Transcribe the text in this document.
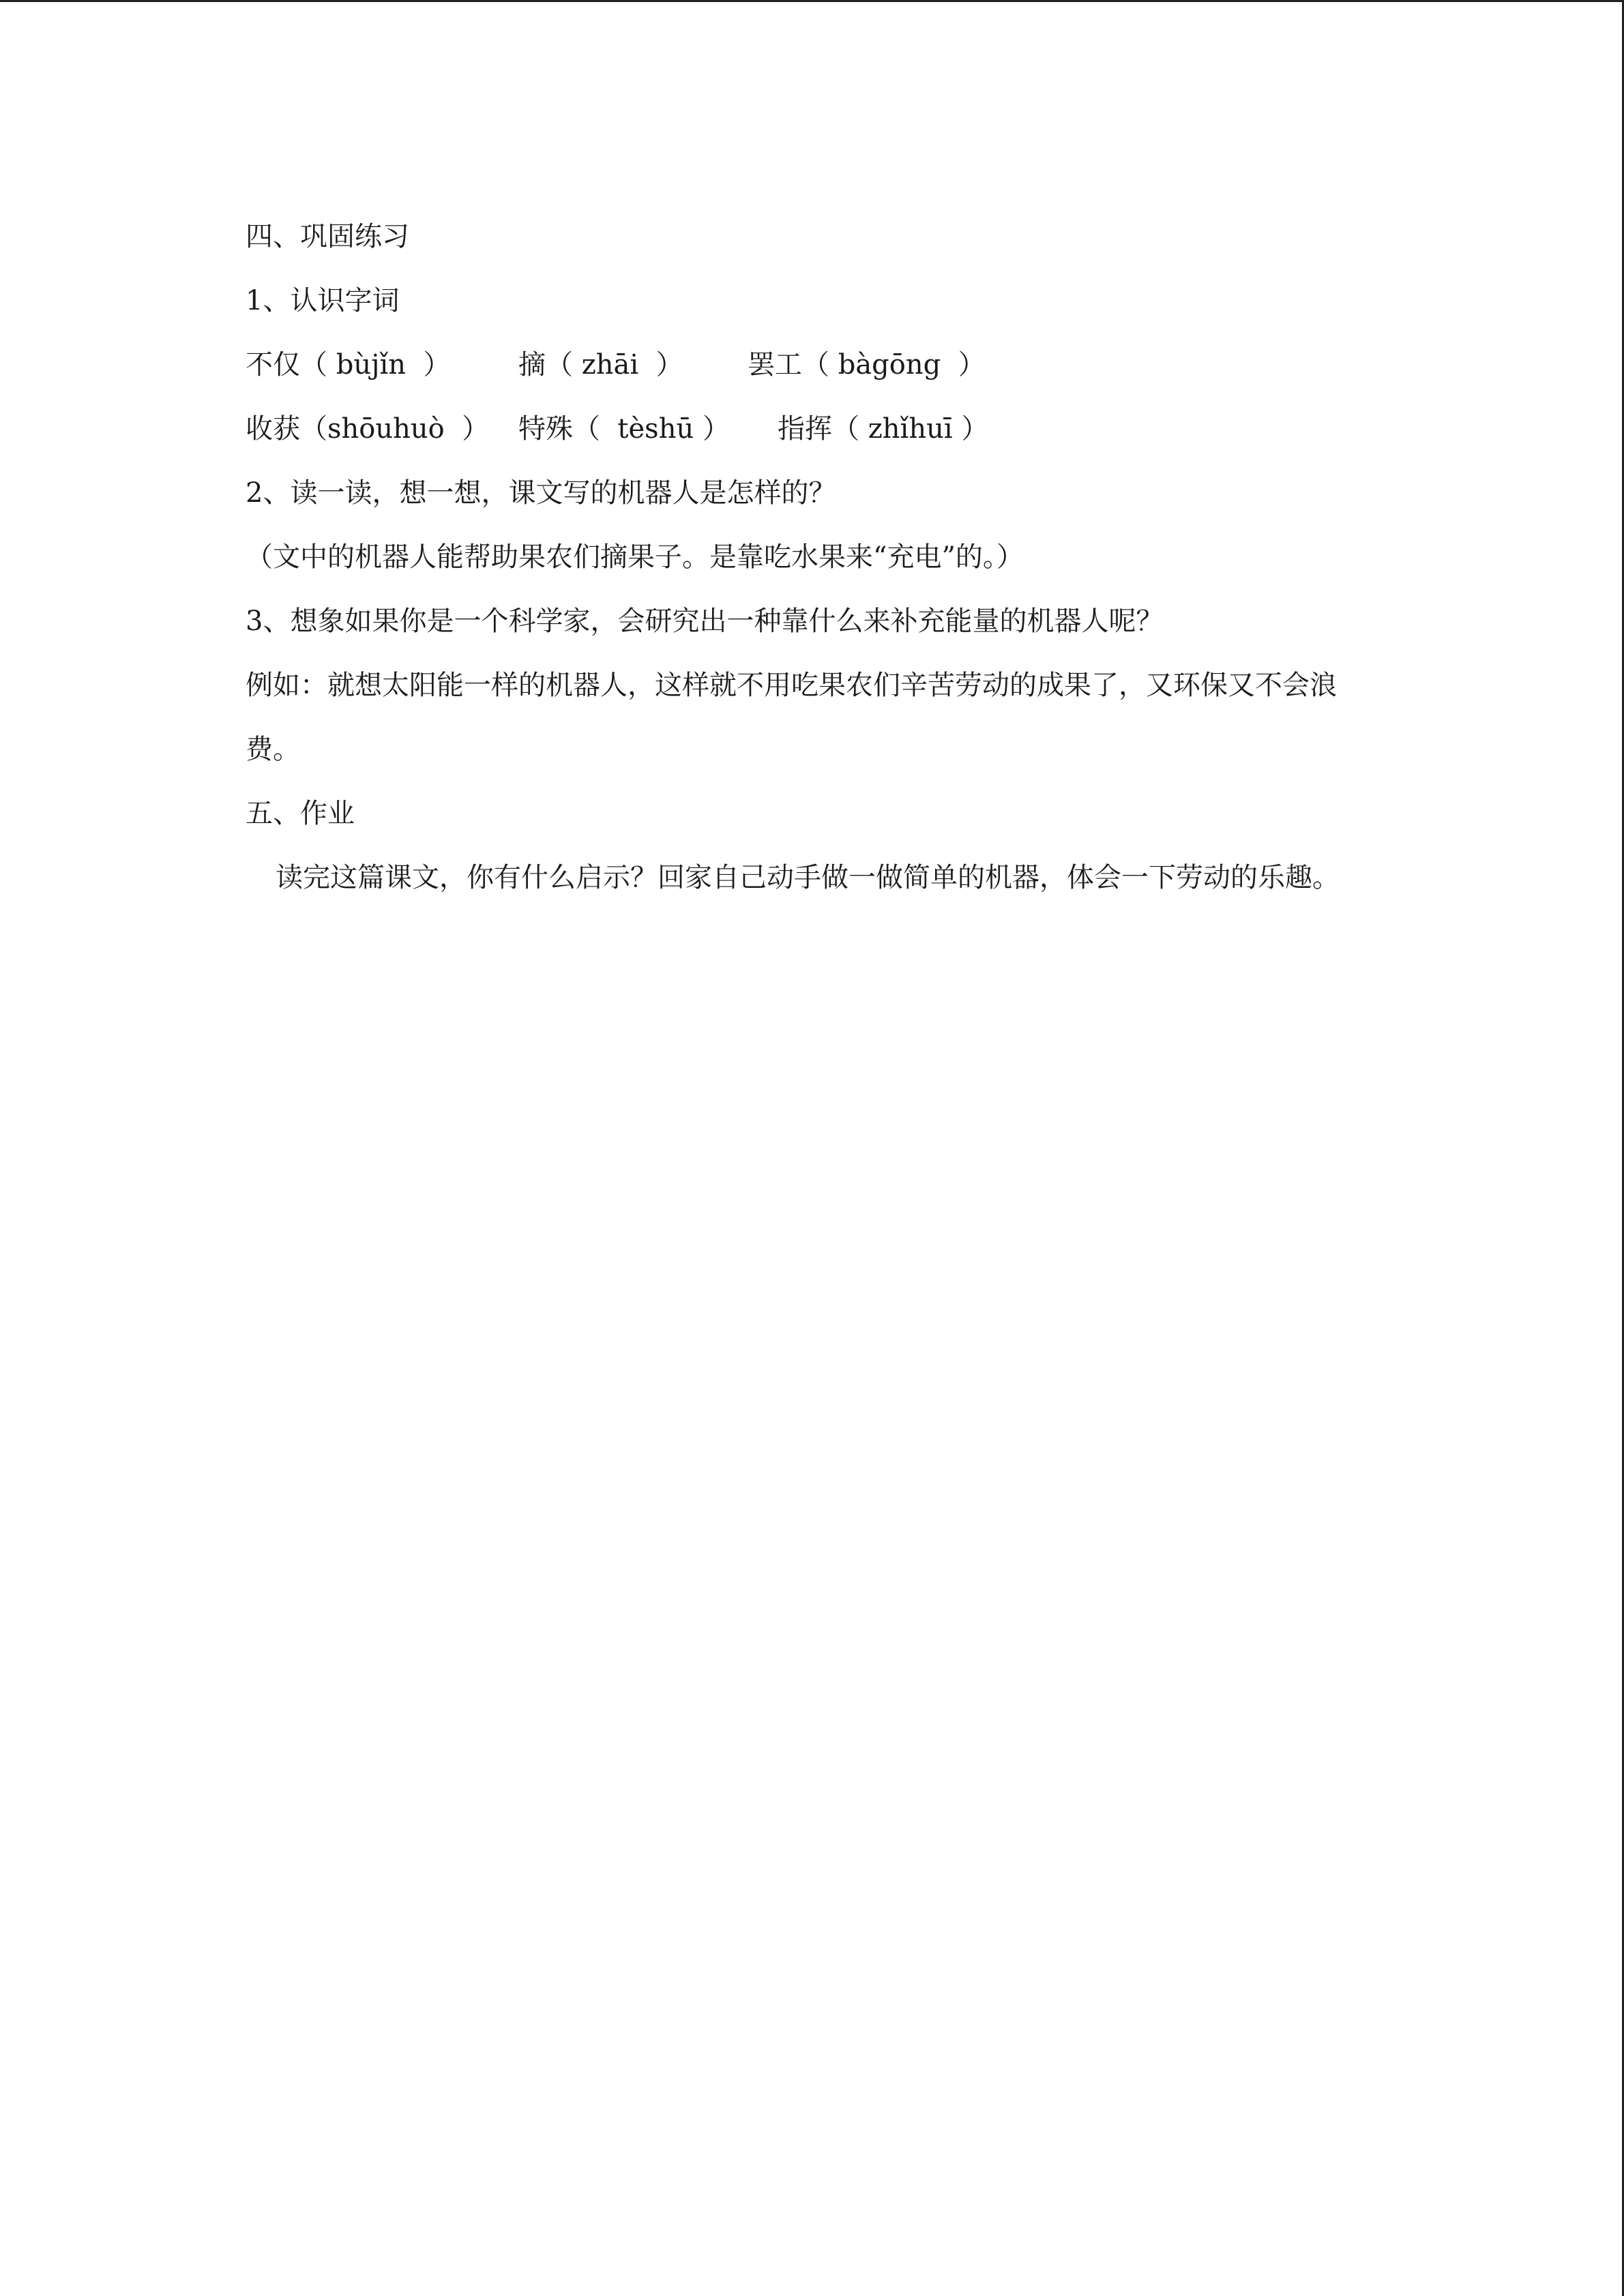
四、巩固练习
1、认识字词
不仅（ bùjǐn  ）	摘（ zhāi  ）	罢工（ bàgōng  ）
收获（shōuhuò  ）	特殊（  tèshū ）	指挥（ zhǐhuī ）
2、读一读，想一想，课文写的机器人是怎样的？
（文中的机器人能帮助果农们摘果子。是靠吃水果来“充电”的。）
3、想象如果你是一个科学家，会研究出一种靠什么来补充能量的机器人呢？
例如：就想太阳能一样的机器人，这样就不用吃果农们辛苦劳动的成果了，又环保又不会浪费。
五、作业
读完这篇课文，你有什么启示？回家自己动手做一做简单的机器，体会一下劳动的乐趣。
